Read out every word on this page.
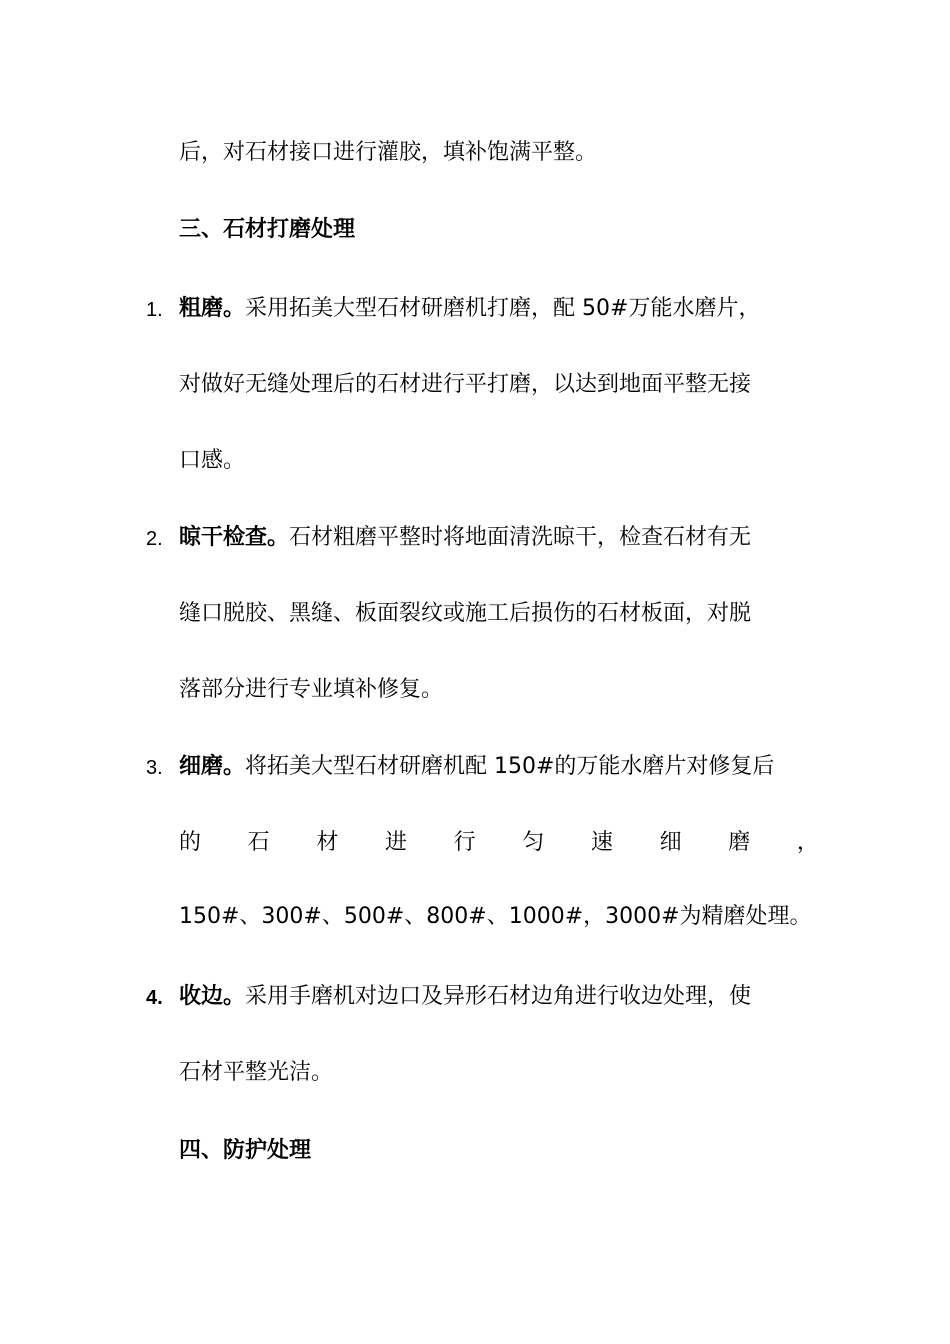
后，对石材接口进行灌胶，填补饱满平整。
三、石材打磨处理
1. 粗磨。采用拓美大型石材研磨机打磨，配 50#万能水磨片，
对做好无缝处理后的石材进行平打磨，以达到地面平整无接
口感。
2. 晾干检查。石材粗磨平整时将地面清洗晾干，检查石材有无
缝口脱胶、黑缝、板面裂纹或施工后损伤的石材板面，对脱
落部分进行专业填补修复。
3. 细磨。将拓美大型石材研磨机配 150#的万能水磨片对修复后
的 石 材 进 行 匀 速 细 磨 ，
150#、300#、500#、800#、1000#，3000#为精磨处理。
4. 收边。采用手磨机对边口及异形石材边角进行收边处理，使
石材平整光洁。
四、防护处理
